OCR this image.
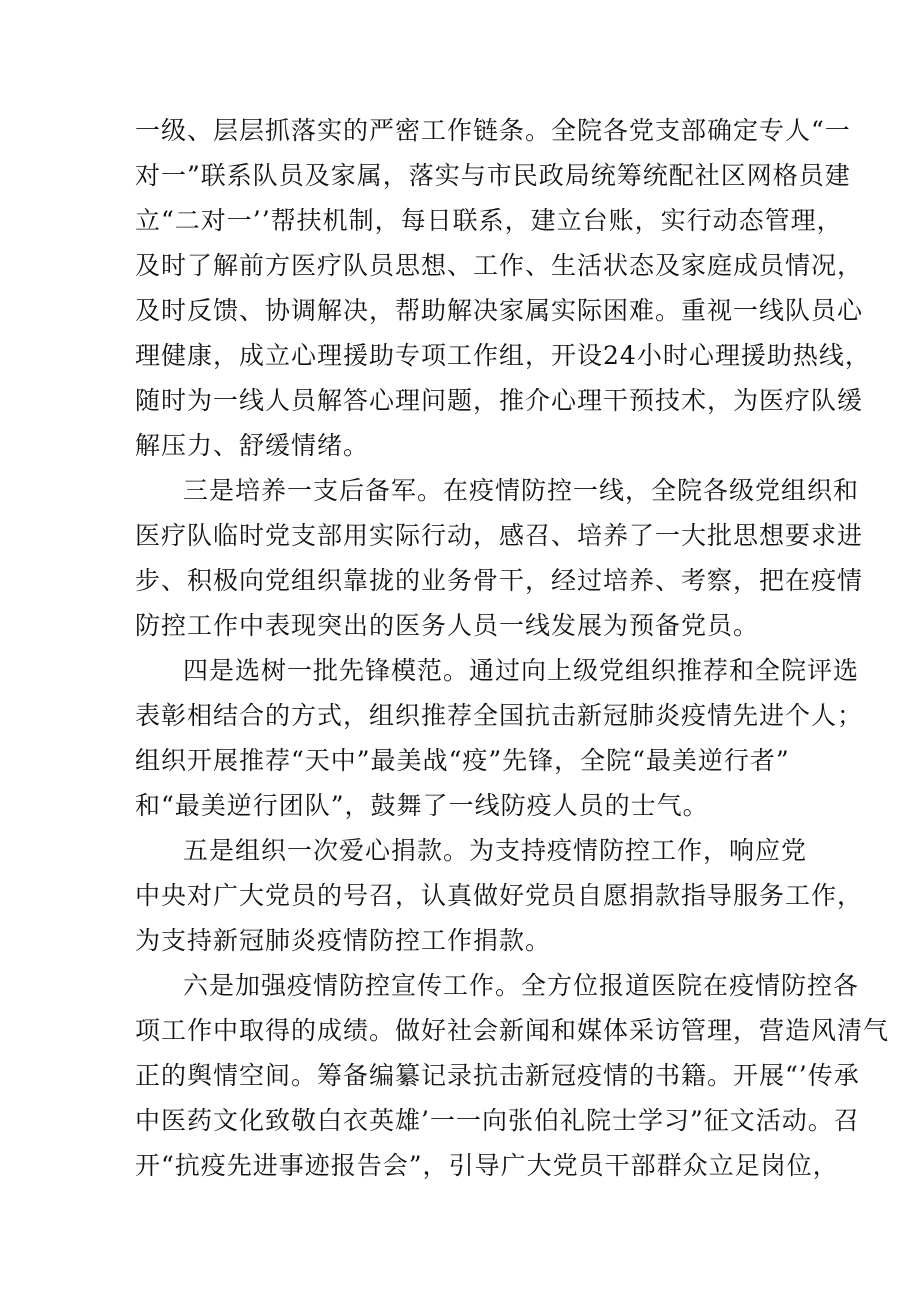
一级、层层抓落实的严密工作链条。全院各党支部确定专人“一
对一”联系队员及家属，落实与市民政局统筹统配社区网格员建
立“二对一’’帮扶机制，每日联系，建立台账，实行动态管理，
及时了解前方医疗队员思想、工作、生活状态及家庭成员情况，
及时反馈、协调解决，帮助解决家属实际困难。重视一线队员心
理健康，成立心理援助专项工作组，开设24小时心理援助热线，
随时为一线人员解答心理问题，推介心理干预技术，为医疗队缓
解压力、舒缓情绪。
三是培养一支后备军。在疫情防控一线，全院各级党组织和
医疗队临时党支部用实际行动，感召、培养了一大批思想要求进
步、积极向党组织靠拢的业务骨干，经过培养、考察，把在疫情
防控工作中表现突出的医务人员一线发展为预备党员。
四是选树一批先锋模范。通过向上级党组织推荐和全院评选
表彰相结合的方式，组织推荐全国抗击新冠肺炎疫情先进个人；
组织开展推荐“天中”最美战“疫”先锋，全院“最美逆行者”
和“最美逆行团队”，鼓舞了一线防疫人员的士气。
五是组织一次爱心捐款。为支持疫情防控工作，响应党
中央对广大党员的号召，认真做好党员自愿捐款指导服务工作，
为支持新冠肺炎疫情防控工作捐款。
六是加强疫情防控宣传工作。全方位报道医院在疫情防控各
项工作中取得的成绩。做好社会新闻和媒体采访管理，营造风清气
正的舆情空间。筹备编纂记录抗击新冠疫情的书籍。开展“’传承
中医药文化致敬白衣英雄’一一向张伯礼院士学习”征文活动。召
开“抗疫先进事迹报告会”，引导广大党员干部群众立足岗位，
